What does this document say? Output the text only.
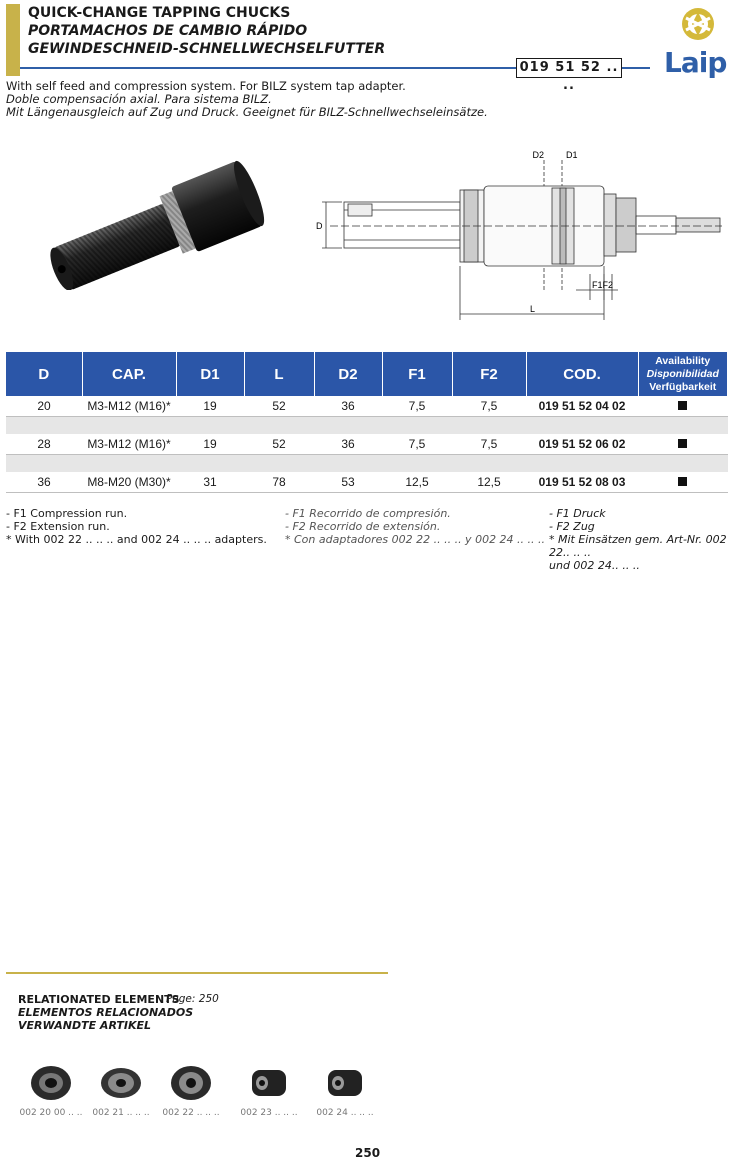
QUICK-CHANGE TAPPING CHUCKS
PORTAMACHOS DE CAMBIO RÁPIDO
GEWINDESCHNEID-SCHNELLWECHSELFUTTER
019 51 52 .. ..
Laip
With self feed and compression system. For BILZ system tap adapter.
Doble compensación axial. Para sistema BILZ.
Mit Längenausgleich auf Zug und Druck. Geeignet für BILZ-Schnellwechseleinsätze.
D2 D1
D
F1F2
L
D	CAP.	D1	L	D2	F1	F2	COD.	Availability
Disponibilidad
Verfügbarkeit

20	M3-M12 (M16)*	19	52	36	7,5	7,5	019 51 52 04 02	

28	M3-M12 (M16)*	19	52	36	7,5	7,5	019 51 52 06 02	

36	M8-M20 (M30)*	31	78	53	12,5	12,5	019 51 52 08 03	
- F1 Compression run.
- F2 Extension run.
* With 002 22 .. .. .. and 002 24 .. .. .. adapters.
- F1 Recorrido de compresión.
- F2 Recorrido de extensión.
* Con adaptadores 002 22 .. .. .. y 002 24 .. .. ..
- F1 Druck
- F2 Zug
* Mit Einsätzen gem. Art-Nr. 002 22.. .. ..
und 002 24.. .. ..
RELATIONATED ELEMENTS
ELEMENTOS RELACIONADOS
VERWANDTE ARTIKEL
Page: 250
002 20 00 .. ..	002 21 .. .. ..	002 22 .. .. ..	002 23 .. .. ..	002 24 .. .. ..
250
